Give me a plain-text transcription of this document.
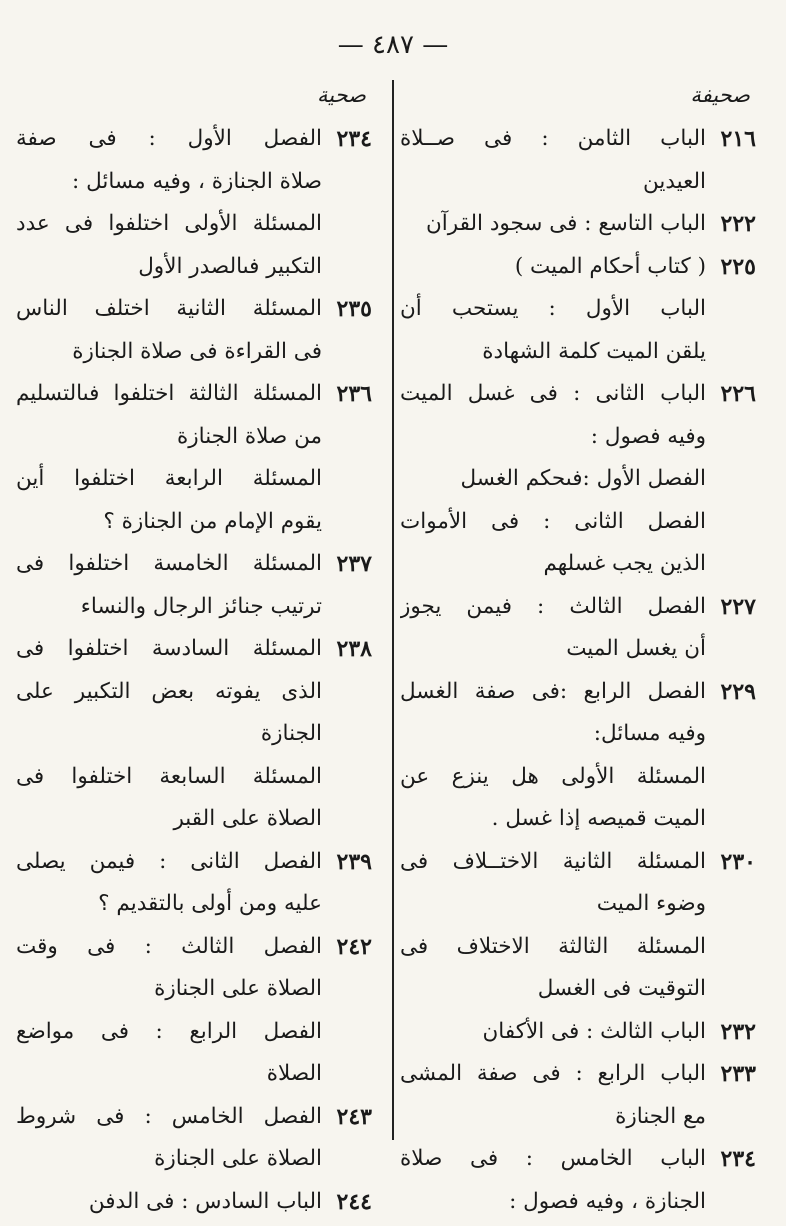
— ٤٨٧ —
صحيفة
٢١٦
الباب الثامن : فى صــلاة
العيدين
٢٢٢
الباب التاسع : فى سجود القرآن
٢٢٥
( كتاب أحكام الميت )
الباب الأول : يستحب أن
يلقن الميت كلمة الشهادة
٢٢٦
الباب الثانى : فى غسل الميت
وفيه فصول :
الفصل الأول :فىحكم الغسل
الفصل الثانى : فى الأموات
الذين يجب غسلهم
٢٢٧
الفصل الثالث : فيمن يجوز
أن يغسل الميت
٢٢٩
الفصل الرابع :فى صفة الغسل
وفيه مسائل:
المسئلة الأولى هل ينزع عن
الميت قميصه إذا غسل .
٢٣٠
المسئلة الثانية الاختــلاف فى
وضوء الميت
المسئلة الثالثة الاختلاف فى
التوقيت فى الغسل
٢٣٢
الباب الثالث : فى الأكفان
٢٣٣
الباب الرابع : فى صفة المشى
مع الجنازة
٢٣٤
الباب الخامس : فى صلاة
الجنازة ، وفيه فصول :
صحية
٢٣٤
الفصل الأول : فى صفة
صلاة الجنازة ، وفيه مسائل :
المسئلة الأولى اختلفوا فى عدد
التكبير فىالصدر الأول
٢٣٥
المسئلة الثانية اختلف الناس
فى القراءة فى صلاة الجنازة
٢٣٦
المسئلة الثالثة اختلفوا فىالتسليم
من صلاة الجنازة
المسئلة الرابعة اختلفوا أين
يقوم الإمام من الجنازة ؟
٢٣٧
المسئلة الخامسة اختلفوا فى
ترتيب جنائز الرجال والنساء
٢٣٨
المسئلة السادسة اختلفوا فى
الذى يفوته بعض التكبير على
الجنازة
المسئلة السابعة اختلفوا فى
الصلاة على القبر
٢٣٩
الفصل الثانى : فيمن يصلى
عليه ومن أولى بالتقديم ؟
٢٤٢
الفصل الثالث : فى وقت
الصلاة على الجنازة
الفصل الرابع : فى مواضع
الصلاة
٢٤٣
الفصل الخامس : فى شروط
الصلاة على الجنازة
٢٤٤
الباب السادس : فى الدفن
